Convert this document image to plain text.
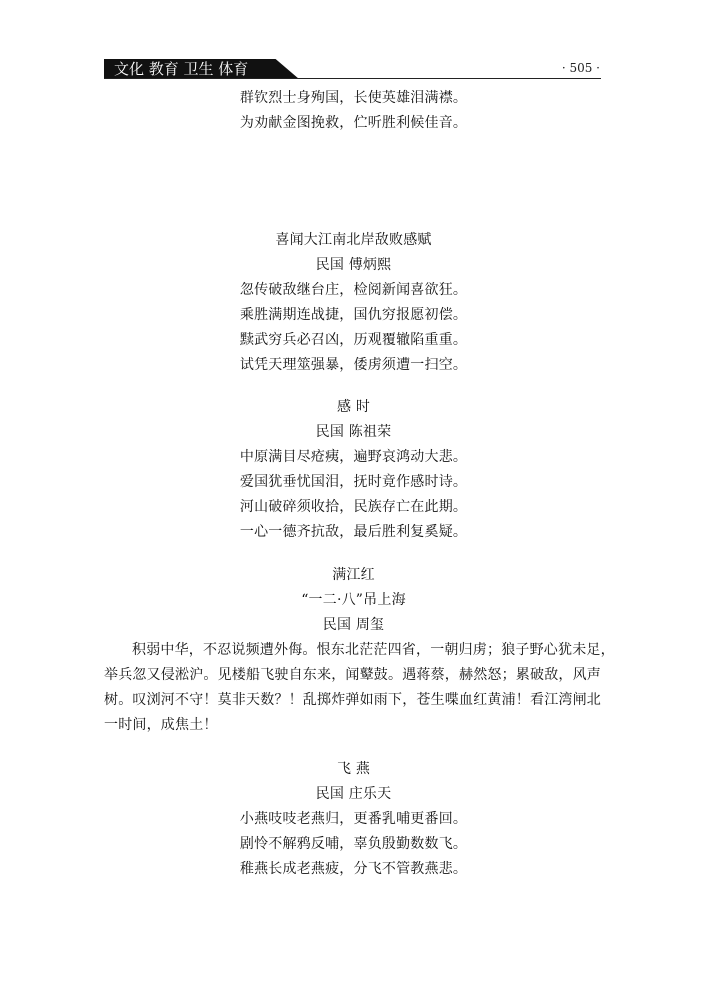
文化 教育 卫生 体育	· 505 ·
群钦烈士身殉国，长使英雄泪满襟。
为劝献金图挽救，伫听胜利候佳音。
喜闻大江南北岸敌败感赋
民国 傅炳熙
忽传破敌继台庄，检阅新闻喜欲狂。
乘胜满期连战捷，国仇穷报愿初偿。
黩武穷兵必召凶，历观覆辙陷重重。
试凭天理筮强暴，倭虏须遭一扫空。
感 时
民国 陈祖荣
中原满目尽疮痍，遍野哀鸿动大悲。
爱国犹垂忧国泪，抚时竟作感时诗。
河山破碎须收拾，民族存亡在此期。
一心一德齐抗敌，最后胜利复奚疑。
满江红
“一二·八”吊上海
民国 周玺
积弱中华，不忍说频遭外侮。恨东北茫茫四省，一朝归虏；狼子野心犹未足，
举兵忽又侵淞沪。见楼船飞驶自东来，闻鼙鼓。遇蒋蔡，赫然怒；累破敌，风声
树。叹浏河不守！莫非天数？！乱掷炸弹如雨下，苍生喋血红黄浦！看江湾闸北
一时间，成焦土！
飞 燕
民国 庄乐天
小燕吱吱老燕归，更番乳哺更番回。
剧怜不解鸦反哺，辜负殷勤数数飞。
稚燕长成老燕疲，分飞不管教燕悲。
